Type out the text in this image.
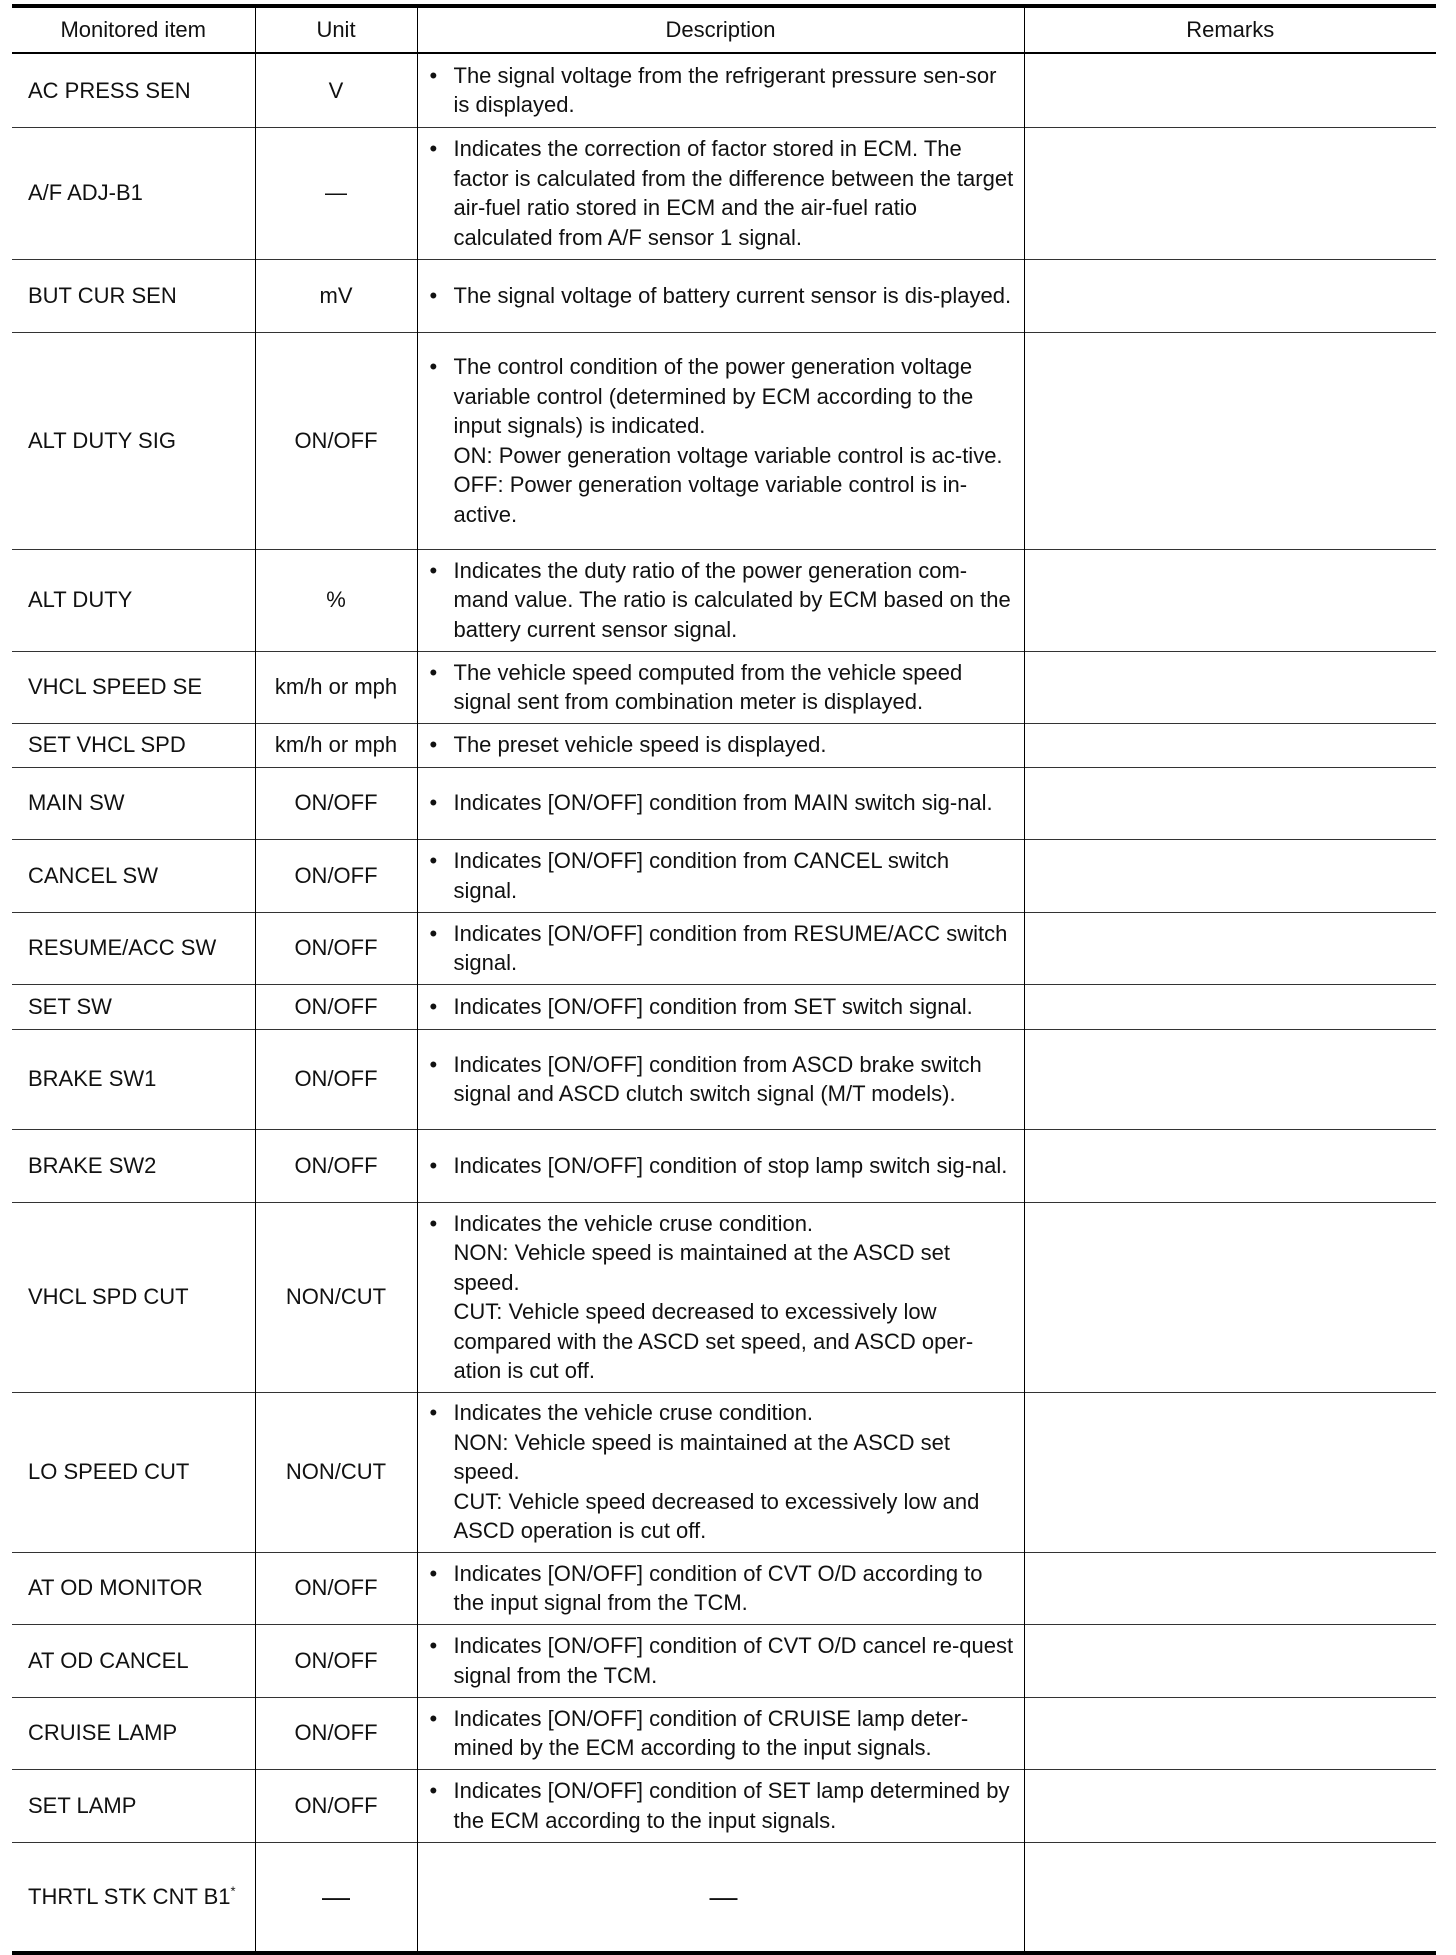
Monitored item	Unit	Description	Remarks
AC PRESS SEN	V	• The signal voltage from the refrigerant pressure sen-sor is displayed.	

A/F ADJ-B1	—	• Indicates the correction of factor stored in ECM. The factor is calculated from the difference between the target air-fuel ratio stored in ECM and the air-fuel ratio calculated from A/F sensor 1 signal.	

BUT CUR SEN	mV	• The signal voltage of battery current sensor is dis-played.	

ALT DUTY SIG	ON/OFF	• The control condition of the power generation voltage variable control (determined by ECM according to the input signals) is indicated.
ON: Power generation voltage variable control is ac-tive.
OFF: Power generation voltage variable control is in-active.	

ALT DUTY	%	• Indicates the duty ratio of the power generation com-mand value. The ratio is calculated by ECM based on the battery current sensor signal.	

VHCL SPEED SE	km/h or mph	• The vehicle speed computed from the vehicle speed signal sent from combination meter is displayed.	

SET VHCL SPD	km/h or mph	• The preset vehicle speed is displayed.	

MAIN SW	ON/OFF	• Indicates [ON/OFF] condition from MAIN switch sig-nal.	

CANCEL SW	ON/OFF	• Indicates [ON/OFF] condition from CANCEL switch signal.	

RESUME/ACC SW	ON/OFF	• Indicates [ON/OFF] condition from RESUME/ACC switch signal.	

SET SW	ON/OFF	• Indicates [ON/OFF] condition from SET switch signal.	

BRAKE SW1	ON/OFF	• Indicates [ON/OFF] condition from ASCD brake switch signal and ASCD clutch switch signal (M/T models).	

BRAKE SW2	ON/OFF	• Indicates [ON/OFF] condition of stop lamp switch sig-nal.	

VHCL SPD CUT	NON/CUT	• Indicates the vehicle cruse condition.
NON: Vehicle speed is maintained at the ASCD set speed.
CUT: Vehicle speed decreased to excessively low compared with the ASCD set speed, and ASCD oper-ation is cut off.	

LO SPEED CUT	NON/CUT	• Indicates the vehicle cruse condition.
NON: Vehicle speed is maintained at the ASCD set speed.
CUT: Vehicle speed decreased to excessively low and ASCD operation is cut off.	

AT OD MONITOR	ON/OFF	• Indicates [ON/OFF] condition of CVT O/D according to the input signal from the TCM.	

AT OD CANCEL	ON/OFF	• Indicates [ON/OFF] condition of CVT O/D cancel re-quest signal from the TCM.	

CRUISE LAMP	ON/OFF	• Indicates [ON/OFF] condition of CRUISE lamp deter-mined by the ECM according to the input signals.	

SET LAMP	ON/OFF	• Indicates [ON/OFF] condition of SET lamp determined by the ECM according to the input signals.	

THRTL STK CNT B1*	—	—	
